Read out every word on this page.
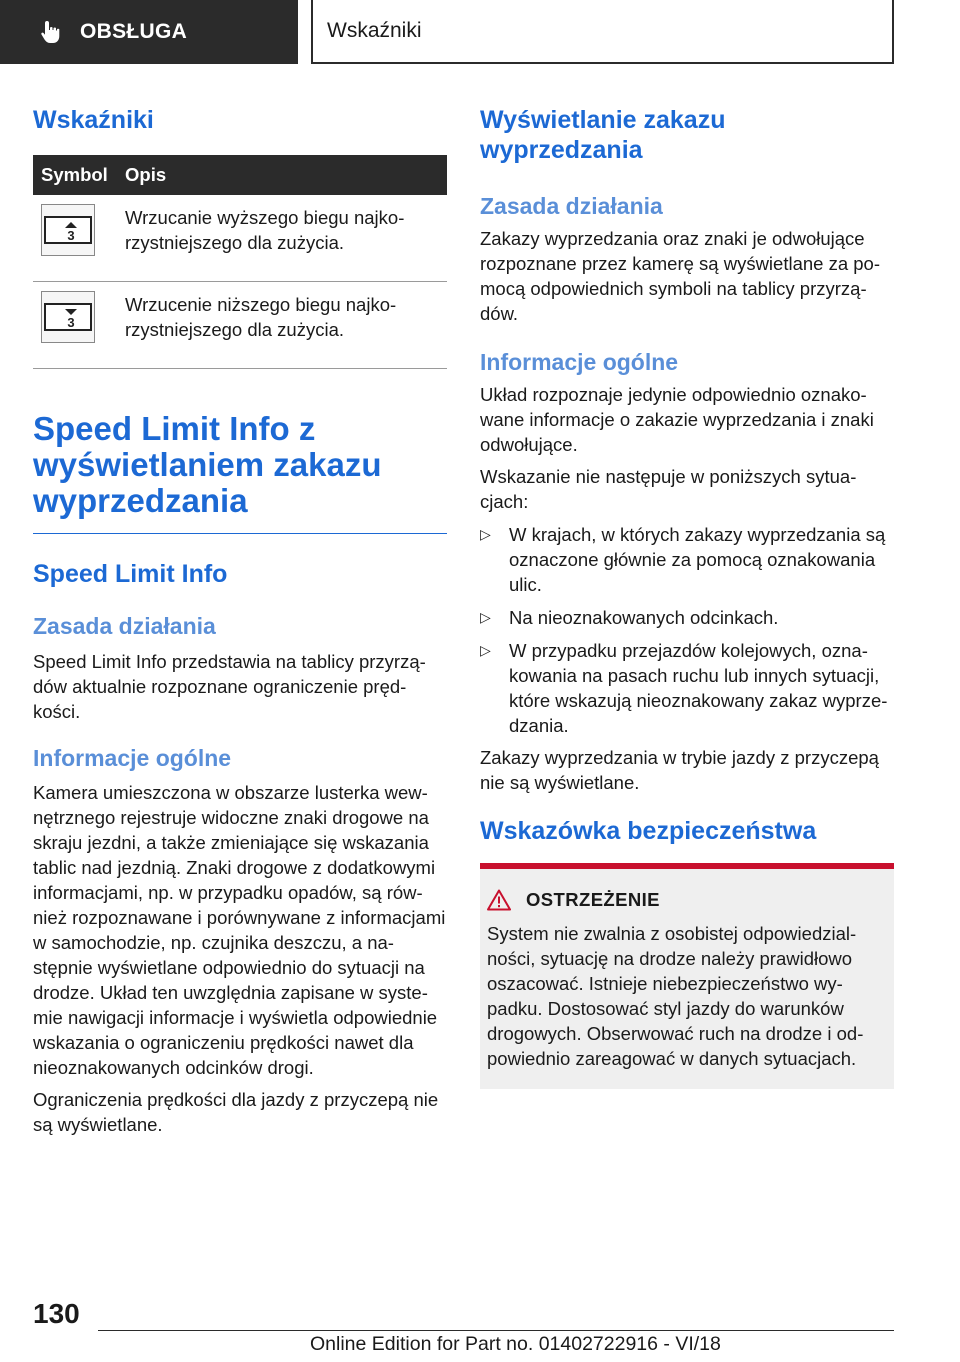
OBSŁUGA	Wskaźniki
Wskaźniki
Symbol	Opis

3	Wrzucanie wyższego biegu najkorzystniejszego dla zużycia.

3	Wrzucenie niższego biegu najkorzystniejszego dla zużycia.
Speed Limit Info z wyświetlaniem zakazu wyprzedzania
Speed Limit Info
Zasada działania

Speed Limit Info przedstawia na tablicy przyrządów aktualnie rozpoznane ograniczenie prędkości.

Informacje ogólne

Kamera umieszczona w obszarze lusterka wewnętrznego rejestruje widoczne znaki drogowe na skraju jezdni, a także zmieniające się wskazania tablic nad jezdnią. Znaki drogowe z dodatkowymi informacjami, np. w przypadku opadów, są również rozpoznawane i porównywane z informacjami w samochodzie, np. czujnika deszczu, a następnie wyświetlane odpowiednio do sytuacji na drodze. Układ ten uwzględnia zapisane w systemie nawigacji informacje i wyświetla odpowiednie wskazania o ograniczeniu prędkości nawet dla nieoznakowanych odcinków drogi.

Ograniczenia prędkości dla jazdy z przyczepą nie są wyświetlane.

Wyświetlanie zakazu wyprzedzania
Zasada działania

Zakazy wyprzedzania oraz znaki je odwołujące rozpoznane przez kamerę są wyświetlane za pomocą odpowiednich symboli na tablicy przyrządów.

Informacje ogólne

Układ rozpoznaje jedynie odpowiednio oznakowane informacje o zakazie wyprzedzania i znaki odwołujące.

Wskazanie nie następuje w poniższych sytuacjach:

▷ W krajach, w których zakazy wyprzedzania są oznaczone głównie za pomocą oznakowania ulic.
▷ Na nieoznakowanych odcinkach.
▷ W przypadku przejazdów kolejowych, oznakowania na pasach ruchu lub innych sytuacji, które wskazują nieoznakowany zakaz wyprzedzania.

Zakazy wyprzedzania w trybie jazdy z przyczepą nie są wyświetlane.

Wskazówka bezpieczeństwa
OSTRZEŻENIE

System nie zwalnia z osobistej odpowiedzialności, sytuację na drodze należy prawidłowo oszacować. Istnieje niebezpieczeństwo wypadku. Dostosować styl jazdy do warunków drogowych. Obserwować ruch na drodze i odpowiednio zareagować w danych sytuacjach.

130
Online Edition for Part no. 01402722916 - VI/18
